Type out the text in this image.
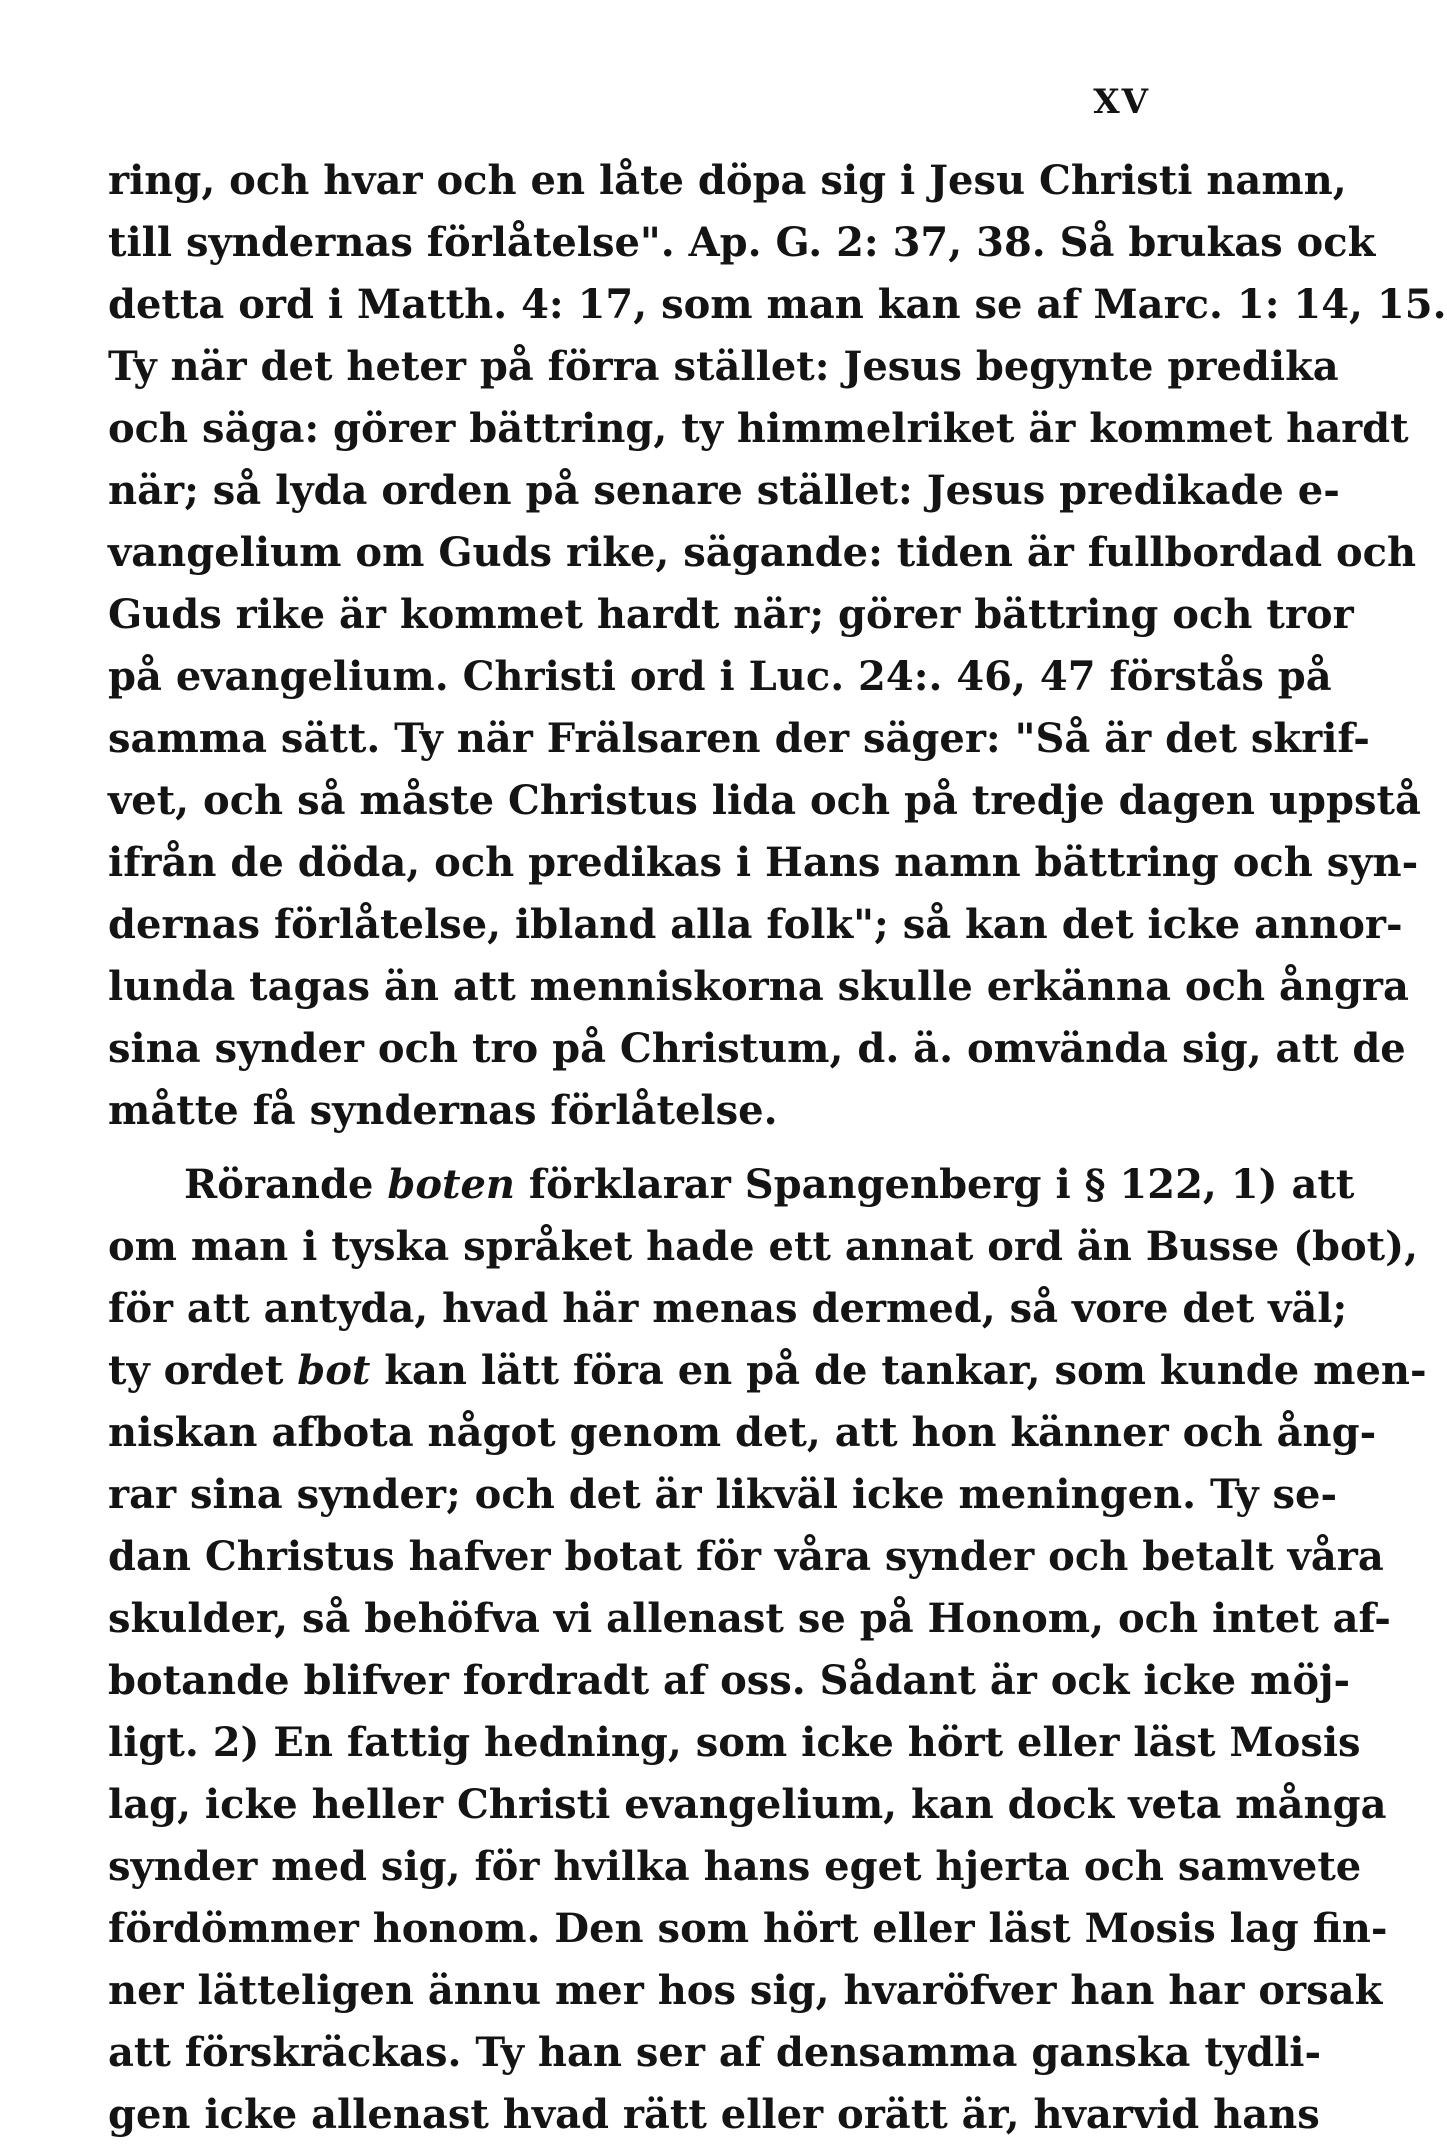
XV
ring, och hvar och en låte döpa sig i Jesu Christi namn,
till syndernas förlåtelse". Ap. G. 2: 37, 38. Så brukas ock
detta ord i Matth. 4: 17, som man kan se af Marc. 1: 14, 15.
Ty när det heter på förra stället: Jesus begynte predika
och säga: görer bättring, ty himmelriket är kommet hardt
när; så lyda orden på senare stället: Jesus predikade e-
vangelium om Guds rike, sägande: tiden är fullbordad och
Guds rike är kommet hardt när; görer bättring och tror
på evangelium. Christi ord i Luc. 24:. 46, 47 förstås på
samma sätt. Ty när Frälsaren der säger: "Så är det skrif-
vet, och så måste Christus lida och på tredje dagen uppstå
ifrån de döda, och predikas i Hans namn bättring och syn-
dernas förlåtelse, ibland alla folk"; så kan det icke annor-
lunda tagas än att menniskorna skulle erkänna och ångra
sina synder och tro på Christum, d. ä. omvända sig, att de
måtte få syndernas förlåtelse.
Rörande boten förklarar Spangenberg i § 122, 1) att
om man i tyska språket hade ett annat ord än Busse (bot),
för att antyda, hvad här menas dermed, så vore det väl;
ty ordet bot kan lätt föra en på de tankar, som kunde men-
niskan afbota något genom det, att hon känner och ång-
rar sina synder; och det är likväl icke meningen. Ty se-
dan Christus hafver botat för våra synder och betalt våra
skulder, så behöfva vi allenast se på Honom, och intet af-
botande blifver fordradt af oss. Sådant är ock icke möj-
ligt. 2) En fattig hedning, som icke hört eller läst Mosis
lag, icke heller Christi evangelium, kan dock veta många
synder med sig, för hvilka hans eget hjerta och samvete
fördömmer honom. Den som hört eller läst Mosis lag fin-
ner lätteligen ännu mer hos sig, hvaröfver han har orsak
att förskräckas. Ty han ser af densamma ganska tydli-
gen icke allenast hvad rätt eller orätt är, hvarvid hans
